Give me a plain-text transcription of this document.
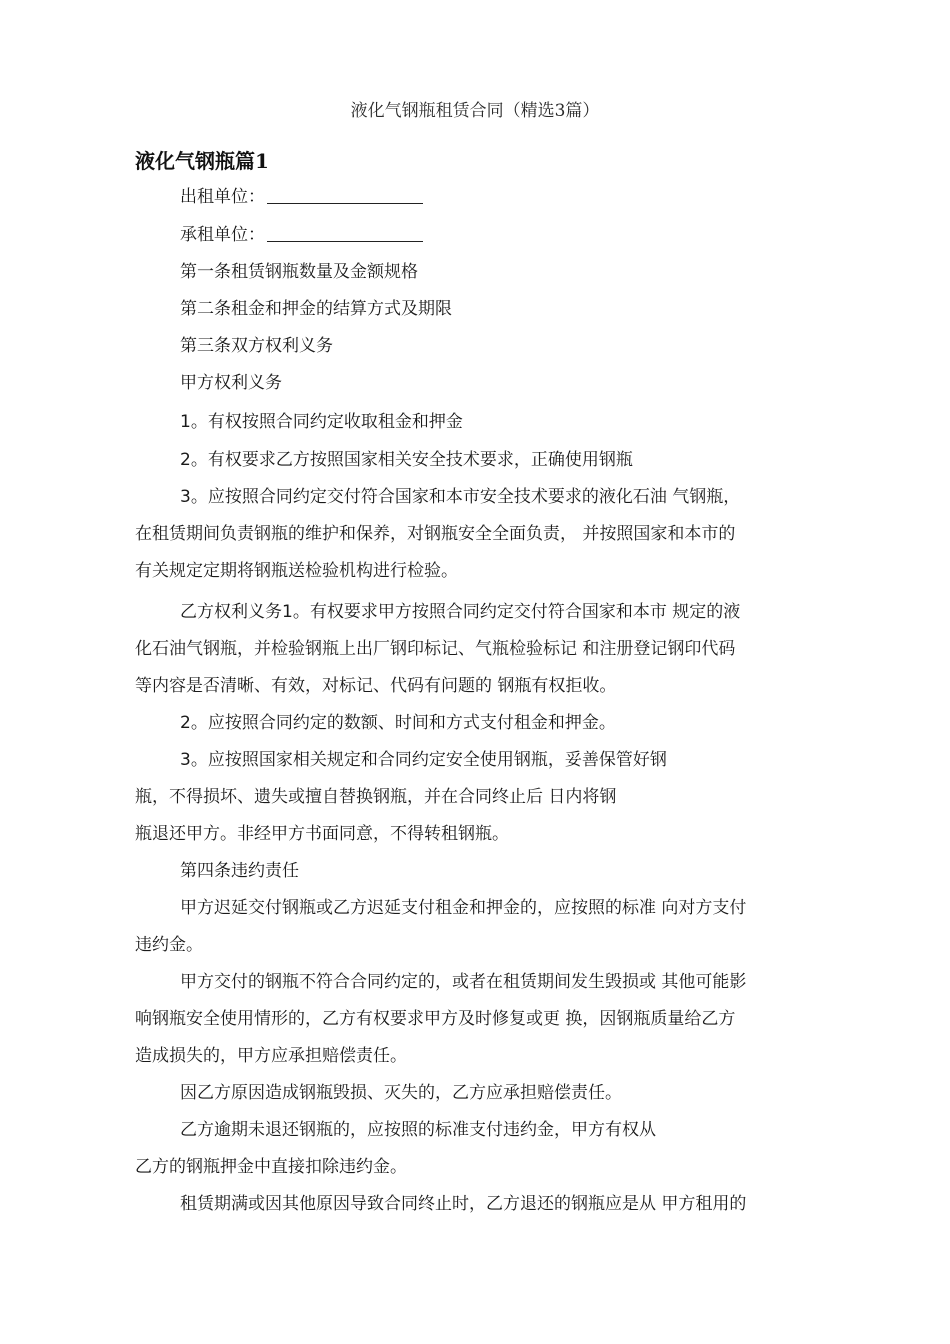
液化气钢瓶租赁合同（精选3篇）
液化气钢瓶篇1
出租单位：
承租单位：
第一条租赁钢瓶数量及金额规格
第二条租金和押金的结算方式及期限
第三条双方权利义务
甲方权利义务
1。有权按照合同约定收取租金和押金
2。有权要求乙方按照国家相关安全技术要求，正确使用钢瓶
3。应按照合同约定交付符合国家和本市安全技术要求的液化石油 气钢瓶，
在租赁期间负责钢瓶的维护和保养，对钢瓶安全全面负责， 并按照国家和本市的
有关规定定期将钢瓶送检验机构进行检验。
乙方权利义务1。有权要求甲方按照合同约定交付符合国家和本市 规定的液
化石油气钢瓶，并检验钢瓶上出厂钢印标记、气瓶检验标记 和注册登记钢印代码
等内容是否清晰、有效，对标记、代码有问题的 钢瓶有权拒收。
2。应按照合同约定的数额、时间和方式支付租金和押金。
3。应按照国家相关规定和合同约定安全使用钢瓶，妥善保管好钢
瓶，不得损坏、遗失或擅自替换钢瓶，并在合同终止后 日内将钢
瓶退还甲方。非经甲方书面同意，不得转租钢瓶。
第四条违约责任
甲方迟延交付钢瓶或乙方迟延支付租金和押金的，应按照的标准 向对方支付
违约金。
甲方交付的钢瓶不符合合同约定的，或者在租赁期间发生毁损或 其他可能影
响钢瓶安全使用情形的，乙方有权要求甲方及时修复或更 换，因钢瓶质量给乙方
造成损失的，甲方应承担赔偿责任。
因乙方原因造成钢瓶毁损、灭失的，乙方应承担赔偿责任。
乙方逾期未退还钢瓶的，应按照的标准支付违约金，甲方有权从
乙方的钢瓶押金中直接扣除违约金。
租赁期满或因其他原因导致合同终止时，乙方退还的钢瓶应是从 甲方租用的
